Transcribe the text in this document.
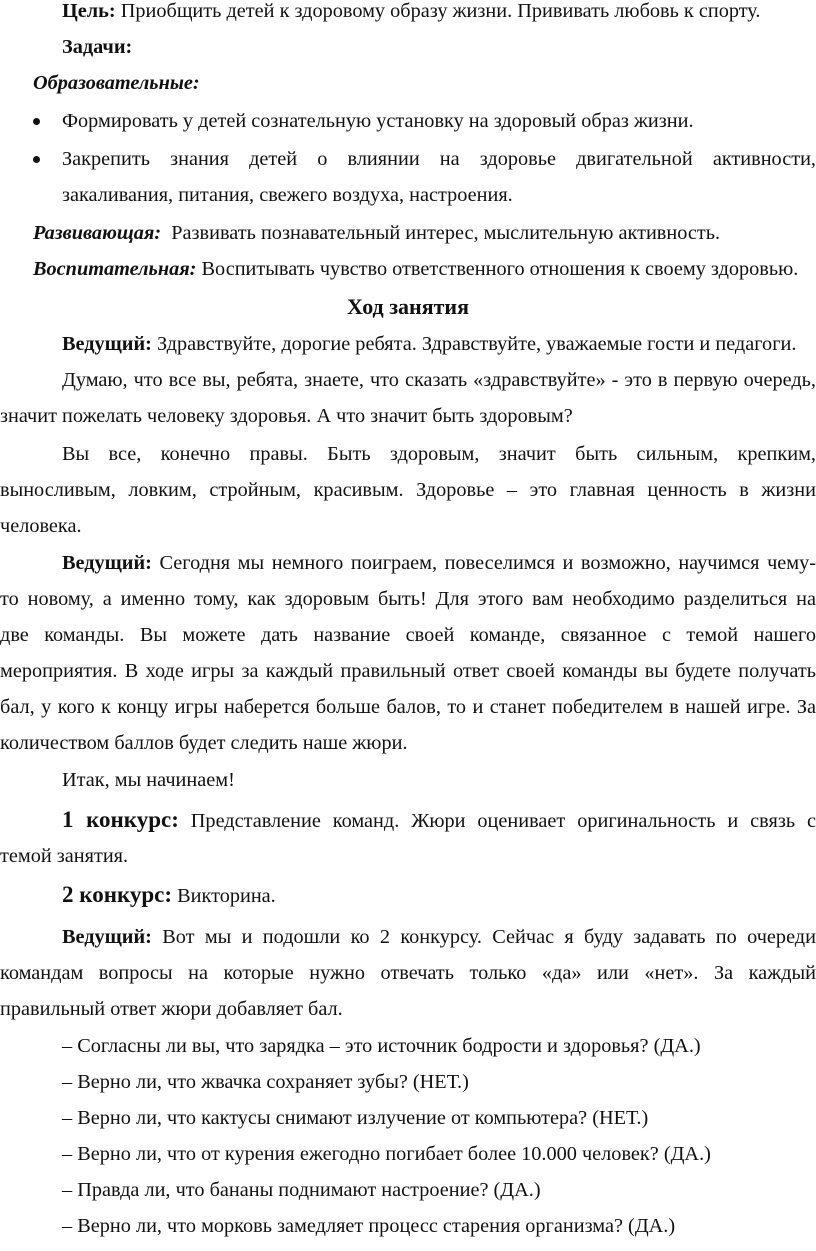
Цель: Приобщить детей к здоровому образу жизни. Прививать любовь к спорту.
Задачи:
Образовательные:
Формировать у детей сознательную установку на здоровый образ жизни.
Закрепить знания детей о влиянии на здоровье двигательной активности,
закаливания, питания, свежего воздуха, настроения.
Развивающая: Развивать познавательный интерес, мыслительную активность.
Воспитательная: Воспитывать чувство ответственного отношения к своему здоровью.
Ход занятия
Ведущий: Здравствуйте, дорогие ребята. Здравствуйте, уважаемые гости и педагоги.
Думаю, что все вы, ребята, знаете, что сказать «здравствуйте» - это в первую очередь,
значит пожелать человеку здоровья. А что значит быть здоровым?
Вы все, конечно правы. Быть здоровым, значит быть сильным, крепким,
выносливым, ловким, стройным, красивым. Здоровье – это главная ценность в жизни
человека.
Ведущий: Сегодня мы немного поиграем, повеселимся и возможно, научимся чему-
то новому, а именно тому, как здоровым быть! Для этого вам необходимо разделиться на
две команды. Вы можете дать название своей команде, связанное с темой нашего
мероприятия. В ходе игры за каждый правильный ответ своей команды вы будете получать
бал, у кого к концу игры наберется больше балов, то и станет победителем в нашей игре. За
количеством баллов будет следить наше жюри.
Итак, мы начинаем!
1 конкурс: Представление команд. Жюри оценивает оригинальность и связь с
темой занятия.
2 конкурс: Викторина.
Ведущий: Вот мы и подошли ко 2 конкурсу. Сейчас я буду задавать по очереди
командам вопросы на которые нужно отвечать только «да» или «нет». За каждый
правильный ответ жюри добавляет бал.
– Согласны ли вы, что зарядка – это источник бодрости и здоровья? (ДА.)
– Верно ли, что жвачка сохраняет зубы? (НЕТ.)
– Верно ли, что кактусы снимают излучение от компьютера? (НЕТ.)
– Верно ли, что от курения ежегодно погибает более 10.000 человек? (ДА.)
– Правда ли, что бананы поднимают настроение? (ДА.)
– Верно ли, что морковь замедляет процесс старения организма? (ДА.)
